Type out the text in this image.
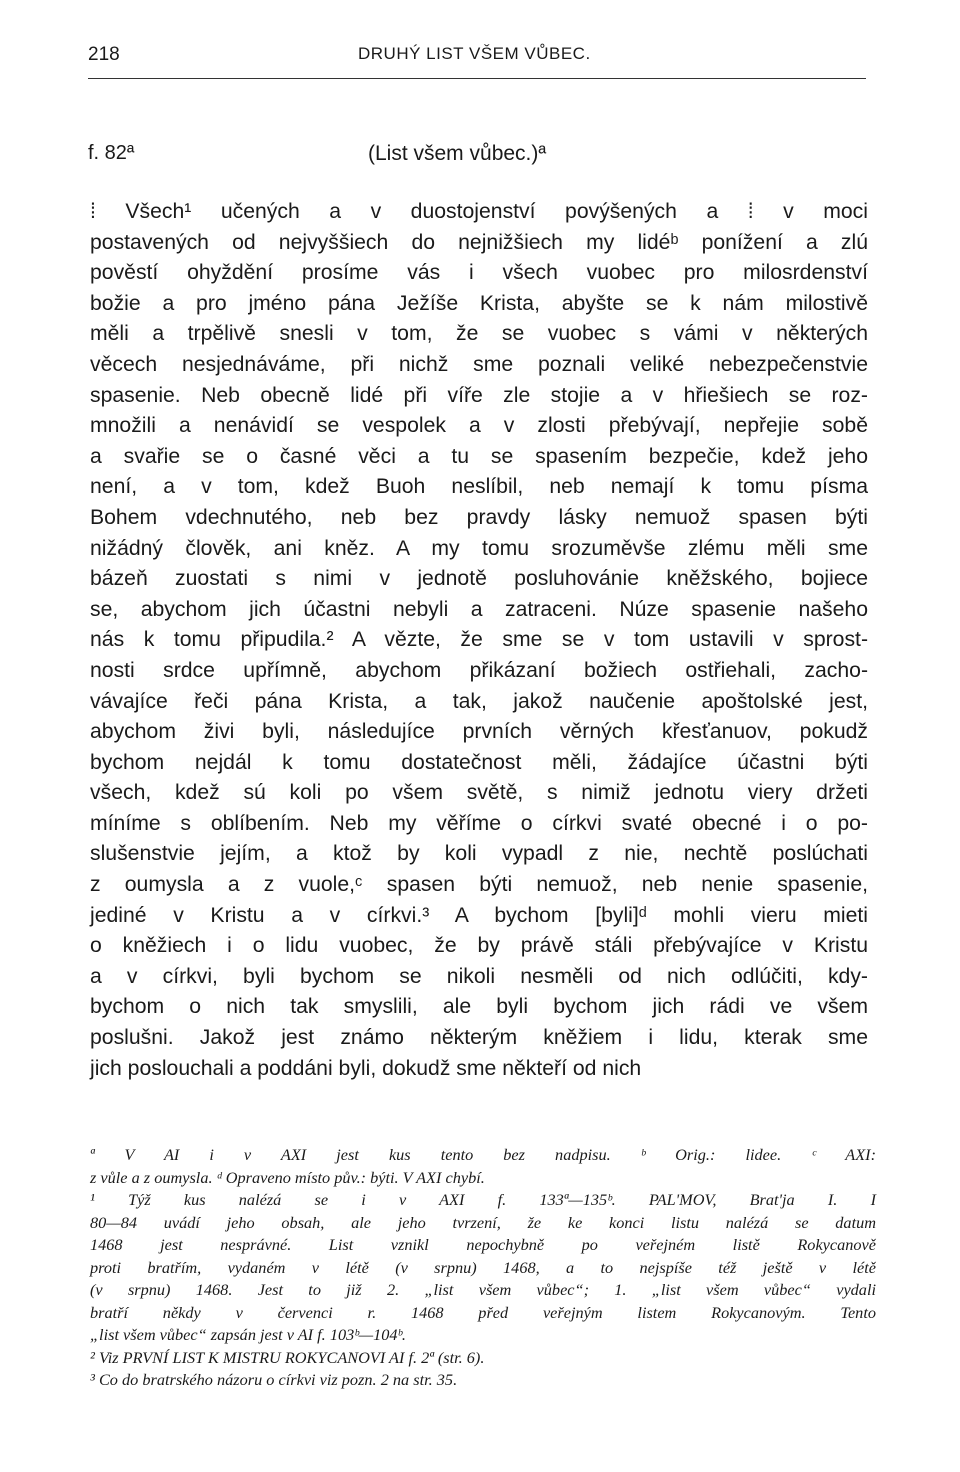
218	DRUHÝ LIST VŠEM VŮBEC.
f. 82ª	(List všem vůbec.)ª
⁞ Všech¹ učených a v duostojenství povýšených a ⁞ v moci
postavených od nejvyššiech do nejnižšiech my lidéᵇ ponížení a zlú
pověstí ohyždění prosíme vás i všech vuobec pro milosrdenství
božie a pro jméno pána Ježíše Krista, abyšte se k nám milostivě
měli a trpělivě snesli v tom, že se vuobec s vámi v některých
věcech nesjednáváme, při nichž sme poznali veliké nebezpečenstvie
spasenie. Neb obecně lidé při víře zle stojie a v hřiešiech se roz-
množili a nenávidí se vespolek a v zlosti přebývají, nepřejie sobě
a svařie se o časné věci a tu se spasením bezpečie, kdež jeho
není, a v tom, kdež Buoh neslíbil, neb nemají k tomu písma
Bohem vdechnutého, neb bez pravdy lásky nemuož spasen býti
nižádný člověk, ani kněz. A my tomu srozuměvše zlému měli sme
bázeň zuostati s nimi v jednotě posluhovánie kněžského, bojiece
se, abychom jich účastni nebyli a zatraceni. Núze spasenie našeho
nás k tomu připudila.² A vězte, že sme se v tom ustavili v sprost-
nosti srdce upřímně, abychom přikázaní božiech ostřiehali, zacho-
vávajíce řeči pána Krista, a tak, jakož naučenie apoštolské jest,
abychom živi byli, následujíce prvních věrných křesťanuov, pokudž
bychom nejdál k tomu dostatečnost měli, žádajíce účastni býti
všech, kdež sú koli po všem světě, s nimiž jednotu viery držeti
míníme s oblíbením. Neb my věříme o církvi svaté obecné i o po-
slušenstvie jejím, a ktož by koli vypadl z nie, nechtě poslúchati
z oumysla a z vuole,ᶜ spasen býti nemuož, neb nenie spasenie,
jediné v Kristu a v církvi.³ A bychom [byli]ᵈ mohli vieru mieti
o kněžiech i o lidu vuobec, že by právě stáli přebývajíce v Kristu
a v církvi, byli bychom se nikoli nesměli od nich odlúčiti, kdy-
bychom o nich tak smyslili, ale byli bychom jich rádi ve všem
poslušni. Jakož jest známo některým kněžiem i lidu, kterak sme
jich poslouchali a poddáni byli, dokudž sme někteří od nich
ª V AI i v AXI jest kus tento bez nadpisu. ᵇ Orig.: lidee. ᶜ AXI:
z vůle a z oumysla. ᵈ Opraveno místo pův.: býti. V AXI chybí.
¹ Týž kus nalézá se i v AXI f. 133ª—135ᵇ. PAL'MOV, Brat'ja I. I
80—84 uvádí jeho obsah, ale jeho tvrzení, že ke konci listu nalézá se datum
1468 jest nesprávné. List vznikl nepochybně po veřejném listě Rokycanově
proti bratřím, vydaném v létě (v srpnu) 1468, a to nejspíše též ještě v létě
(v srpnu) 1468. Jest to již 2. „list všem vůbec“; 1. „list všem vůbec“ vydali
bratří někdy v červenci r. 1468 před veřejným listem Rokycanovým. Tento
„list všem vůbec“ zapsán jest v AI f. 103ᵇ—104ᵇ.
² Viz PRVNÍ LIST K MISTRU ROKYCANOVI AI f. 2ª (str. 6).
³ Co do bratrského názoru o církvi viz pozn. 2 na str. 35.
